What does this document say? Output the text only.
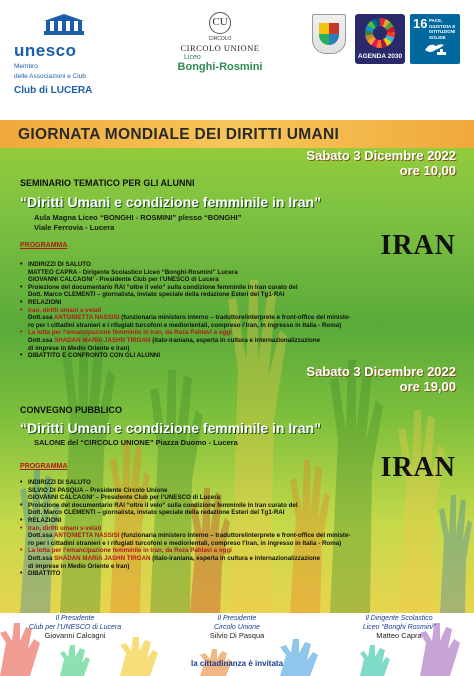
unesco
Membro
delle Associazioni e Club
Club di LUCERA
CU
CIRCOLO
CIRCOLO UNIONE
Liceo
Bonghi-Rosmini
AGENDA 2030
16 PACE, GIUSTIZIA E ISTITUZIONI SOLIDE
GIORNATA MONDIALE DEI DIRITTI UMANI
Sabato 3 Dicembre 2022
ore 10,00
SEMINARIO TEMATICO PER GLI ALUNNI
“Diritti Umani e condizione femminile in Iran”
Aula Magna Liceo “BONGHI - ROSMINI” plesso “BONGHI”
Viale Ferrovia - Lucera
PROGRAMMA	IRAN
• INDIRIZZI DI SALUTO
MATTEO CAPRA - Dirigente Scolastico Liceo “Bonghi-Rosmini” Lucera
GIOVANNI CALCAGNI’ - Presidente Club per l’UNESCO di Lucera
• Proiezione del documentario RAI “oltre il velo” sulla condizione femminile in Iran curato del
Dott. Marco CLEMENTI – giornalista, inviato speciale della redazione Esteri del Tg1-RAI
• RELAZIONI
• Iran, diritti umani s-velati
Dott.ssa ANTONIETTA NASSISI (funzionaria ministero interno – traduttore/interprete e front-office del ministe-
ro per i cittadini stranieri e i rifugiati turcofoni e mediorientali, compreso l’Iran, in ingresso in Italia - Roma)
• La lotta per l’emancipazione femminile in Iran, da Reza Pahlavi a oggi
Dott.ssa SHADAN MARIA JASHN TIRGAN (italo-iraniana, esperta in cultura e internazionalizzazione
di imprese in Medio Oriente e Iran)
• DIBATTITO E CONFRONTO CON GLI ALUNNI
Sabato 3 Dicembre 2022
ore 19,00
CONVEGNO PUBBLICO
“Diritti Umani e condizione femminile in Iran”
SALONE del “CIRCOLO UNIONE” Piazza Duomo - Lucera
PROGRAMMA	IRAN
• INDIRIZZI DI SALUTO
SILVIO DI PASQUA – Presidente Circolo Unione
GIOVANNI CALCAGNI’ – Presidente Club per l’UNESCO di Lucera
• Proiezione del documentario RAI “oltre il velo” sulla condizione femminile in Iran curato del
Dott. Marco CLEMENTI – giornalista, inviato speciale della redazione Esteri del Tg1-RAI
• RELAZIONI
• Iran, diritti umani s-velati
Dott.ssa ANTONIETTA NASSISI (funzionaria ministero interno – traduttore/interprete e front-office del ministe-
ro per i cittadini stranieri e i rifugiati turcofoni e mediorientali, compreso l’Iran, in ingresso in Italia - Roma)
• La lotta per l’emancipazione femminile in Iran, da Reza Pahlavi a oggi
Dott.ssa SHADAN MARIA JASHN TIRGAN (italo-iraniana, esperta in cultura e internazionalizzazione
di imprese in Medio Oriente e Iran)
• DIBATTITO
Il Presidente
Club per l’UNESCO di Lucera
Giovanni Calcagni
Il Presidente
Circolo Unione
Silvio Di Pasqua
Il Dirigente Scolastico
Liceo “Bonghi Rosmini”
Matteo Capra
la cittadinanza è invitata
